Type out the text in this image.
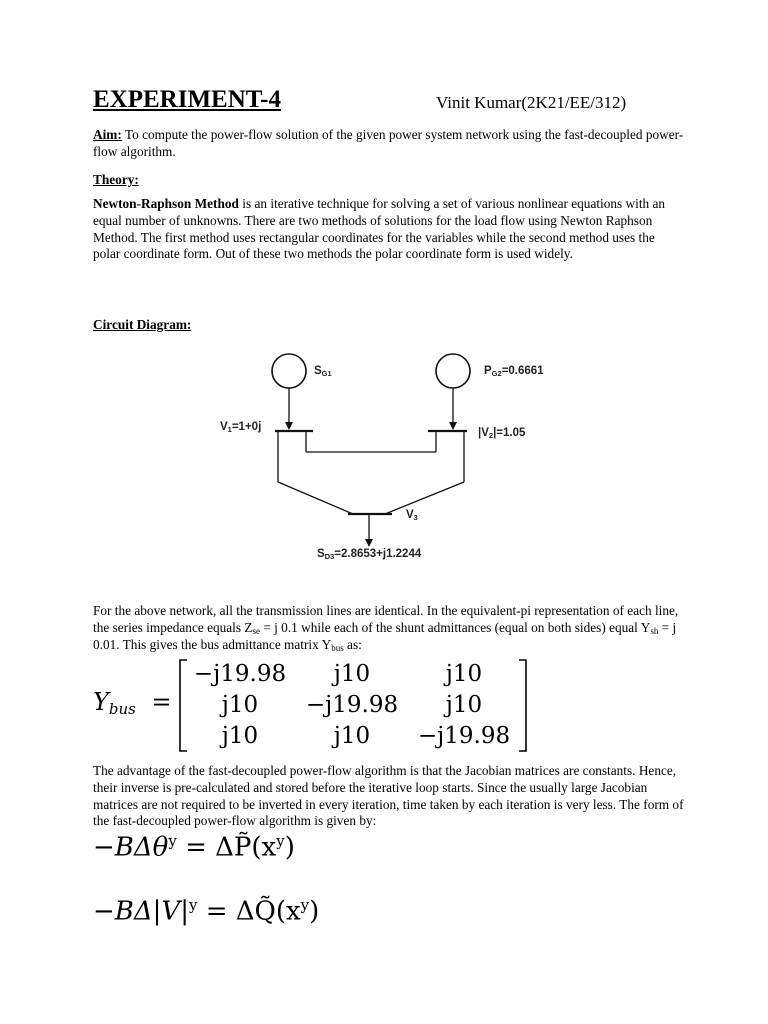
EXPERIMENT-4	Vinit Kumar(2K21/EE/312)
Aim: To compute the power-flow solution of the given power system network using the fast-decoupled power-flow algorithm.
Theory:
Newton-Raphson Method is an iterative technique for solving a set of various nonlinear equations with an equal number of unknowns. There are two methods of solutions for the load flow using Newton Raphson Method. The first method uses rectangular coordinates for the variables while the second method uses the polar coordinate form. Out of these two methods the polar coordinate form is used widely.
Circuit Diagram:
SG1	PG2=0.6661
V1=1+0j	|V2|=1.05
V3
SD3=2.8653+j1.2244
For the above network, all the transmission lines are identical. In the equivalent-pi representation of each line, the series impedance equals $Z_{se} = j$ 0.1 while each of the shunt admittances (equal on both sides) equal $Y_{sh} = j$ 0.01. This gives the bus admittance matrix $Y_{bus}$ as:
$Y_{bus}$ =
−j19.98	j10	j10
j10	−j19.98	j10
j10	j10	−j19.98
The advantage of the fast-decoupled power-flow algorithm is that the Jacobian matrices are constants. Hence, their inverse is pre-calculated and stored before the iterative loop starts. Since the usually large Jacobian matrices are not required to be inverted in every iteration, time taken by each iteration is very less. The form of the fast-decoupled power-flow algorithm is given by:
$-B\Delta\theta^y = \Delta P̃(x^y)$
$-B\Delta|V|^y$ = $\Delta Q̃(x^y)$
